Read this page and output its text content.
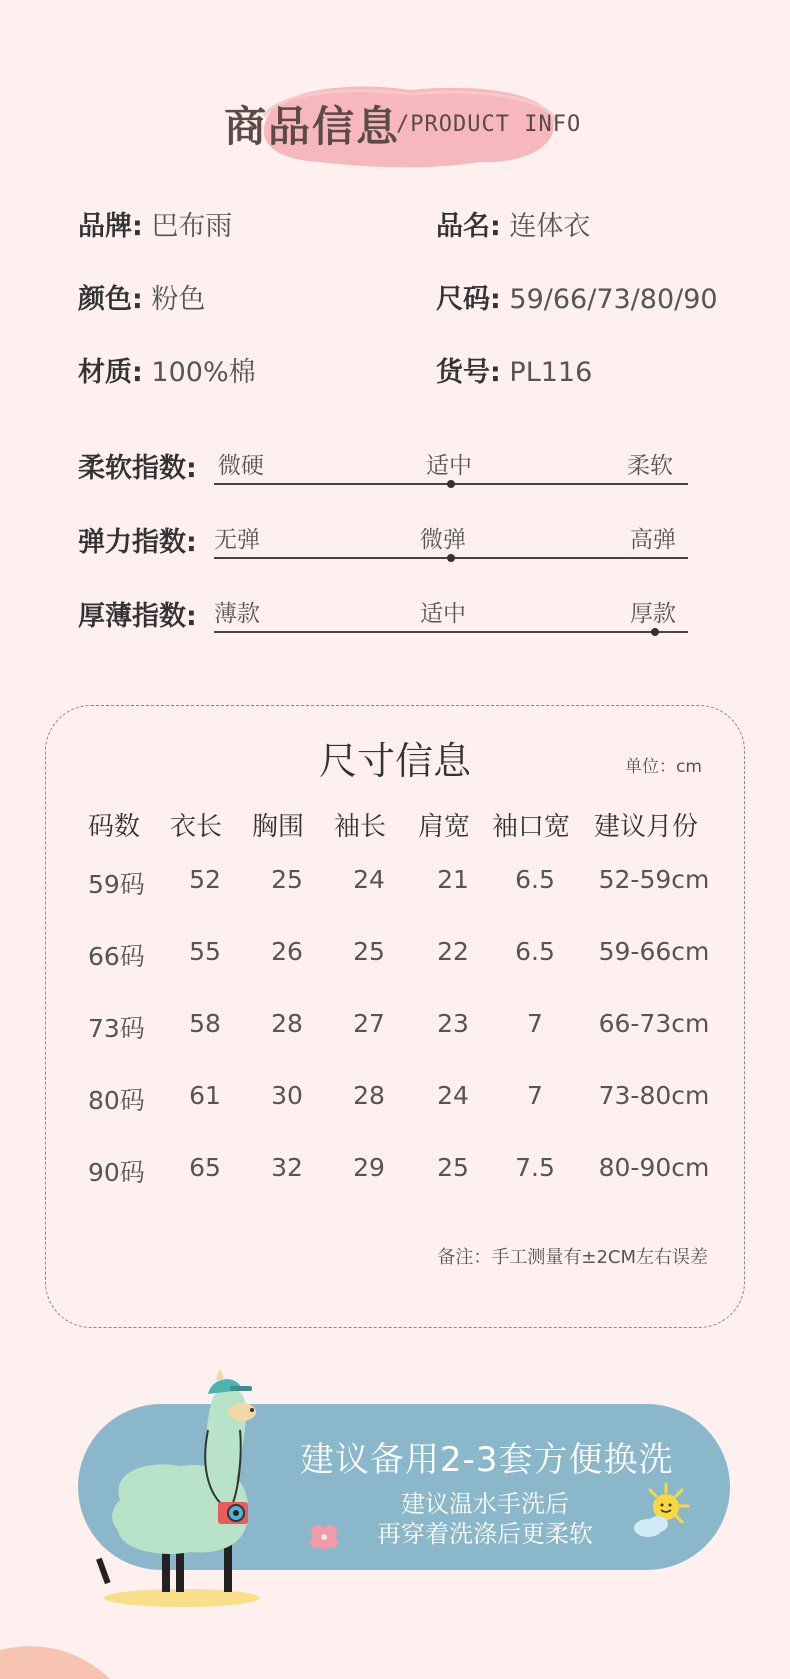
商品信息
/PRODUCT INFO
品牌: 巴布雨	品名: 连体衣
颜色: 粉色	尺码: 59/66/73/80/90
材质: 100%棉	货号: PL116
柔软指数: 微硬	适中	柔软
弹力指数: 无弹	微弹	高弹
厚薄指数: 薄款	适中	厚款
尺寸信息	单位：cm
码数 衣长 胸围 袖长 肩宽 袖口宽 建议月份
59码	52	25	24	21	6.5	52-59cm
66码	55	26	25	22	6.5	59-66cm
73码	58	28	27	23	7	66-73cm
80码	61	30	28	24	7	73-80cm
90码	65	32	29	25	7.5	80-90cm
备注：手工测量有±2CM左右误差
建议备用2-3套方便换洗
建议温水手洗后
再穿着洗涤后更柔软
